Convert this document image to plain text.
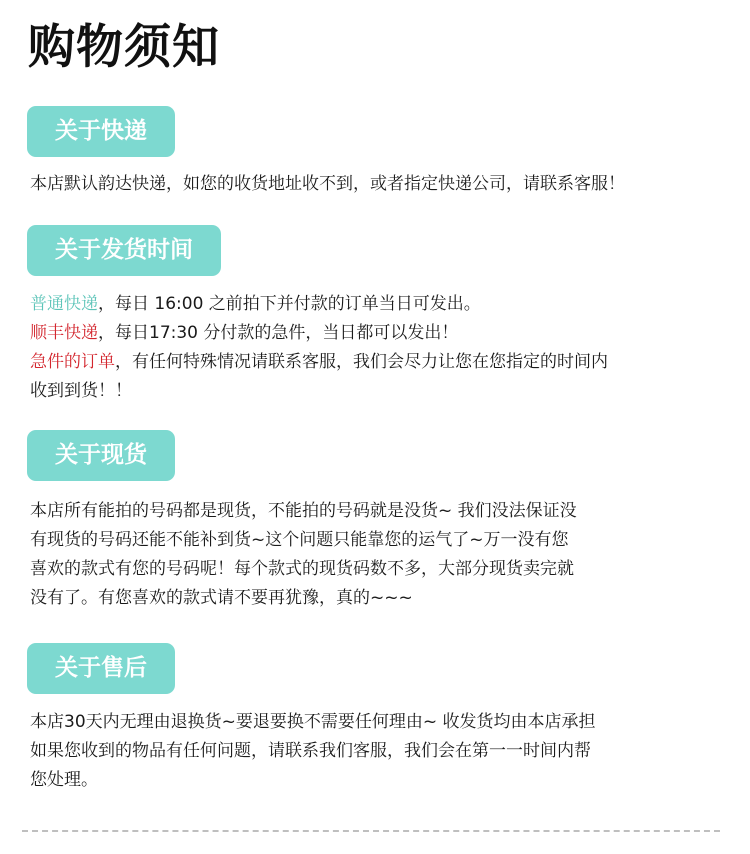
购物须知
关于快递
本店默认韵达快递，如您的收货地址收不到，或者指定快递公司，请联系客服！
关于发货时间
普通快递，每日 16:00 之前拍下并付款的订单当日可发出。
顺丰快递，每日17:30 分付款的急件，当日都可以发出！
急件的订单，有任何特殊情况请联系客服，我们会尽力让您在您指定的时间内
收到到货！！
关于现货
本店所有能拍的号码都是现货，不能拍的号码就是没货~ 我们没法保证没
有现货的号码还能不能补到货~这个问题只能靠您的运气了~万一没有您
喜欢的款式有您的号码呢！每个款式的现货码数不多，大部分现货卖完就
没有了。有您喜欢的款式请不要再犹豫，真的~~~
关于售后
本店30天内无理由退换货~要退要换不需要任何理由~ 收发货均由本店承担
如果您收到的物品有任何问题，请联系我们客服，我们会在第一一时间内帮
您处理。
